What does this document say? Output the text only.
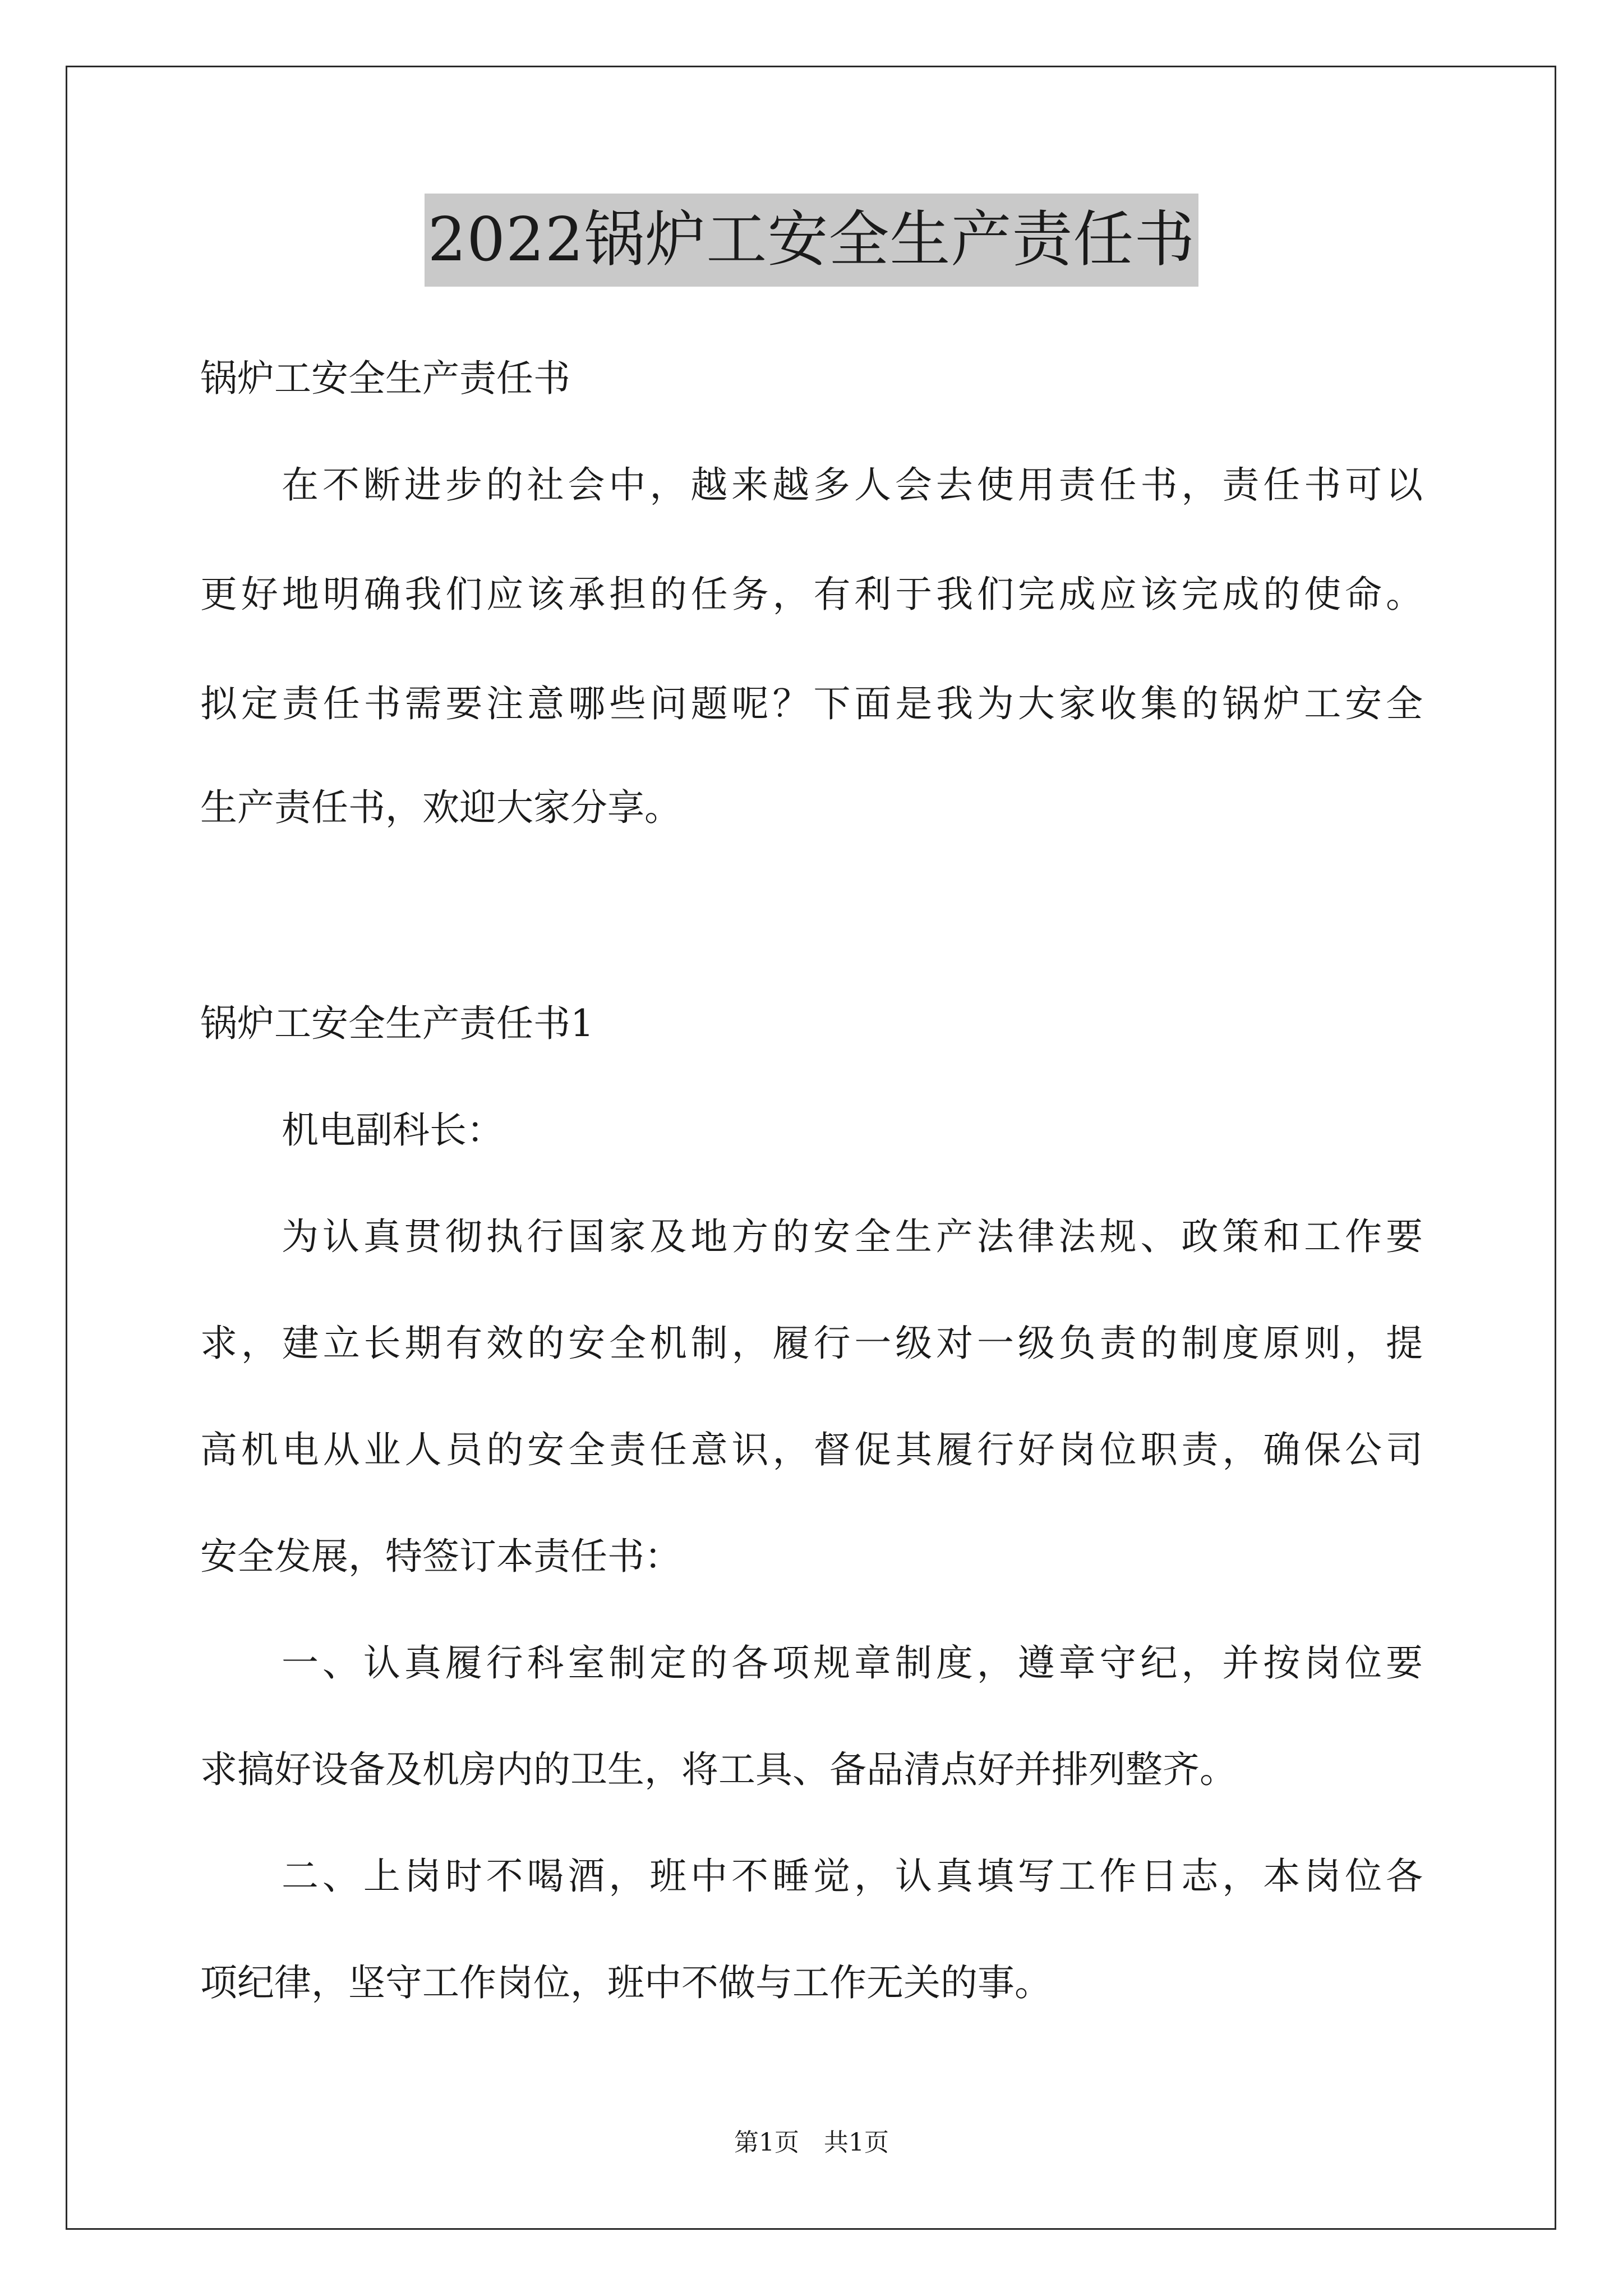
2022锅炉工安全生产责任书
锅炉工安全生产责任书
在不断进步的社会中，越来越多人会去使用责任书，责任书可以
更好地明确我们应该承担的任务，有利于我们完成应该完成的使命。
拟定责任书需要注意哪些问题呢？下面是我为大家收集的锅炉工安全
生产责任书，欢迎大家分享。
锅炉工安全生产责任书1
机电副科长：
为认真贯彻执行国家及地方的安全生产法律法规、政策和工作要
求，建立长期有效的安全机制，履行一级对一级负责的制度原则，提
高机电从业人员的安全责任意识，督促其履行好岗位职责，确保公司
安全发展，特签订本责任书：
一、认真履行科室制定的各项规章制度，遵章守纪，并按岗位要
求搞好设备及机房内的卫生，将工具、备品清点好并排列整齐。
二、上岗时不喝酒，班中不睡觉，认真填写工作日志，本岗位各
项纪律，坚守工作岗位，班中不做与工作无关的事。
第1页　共1页
